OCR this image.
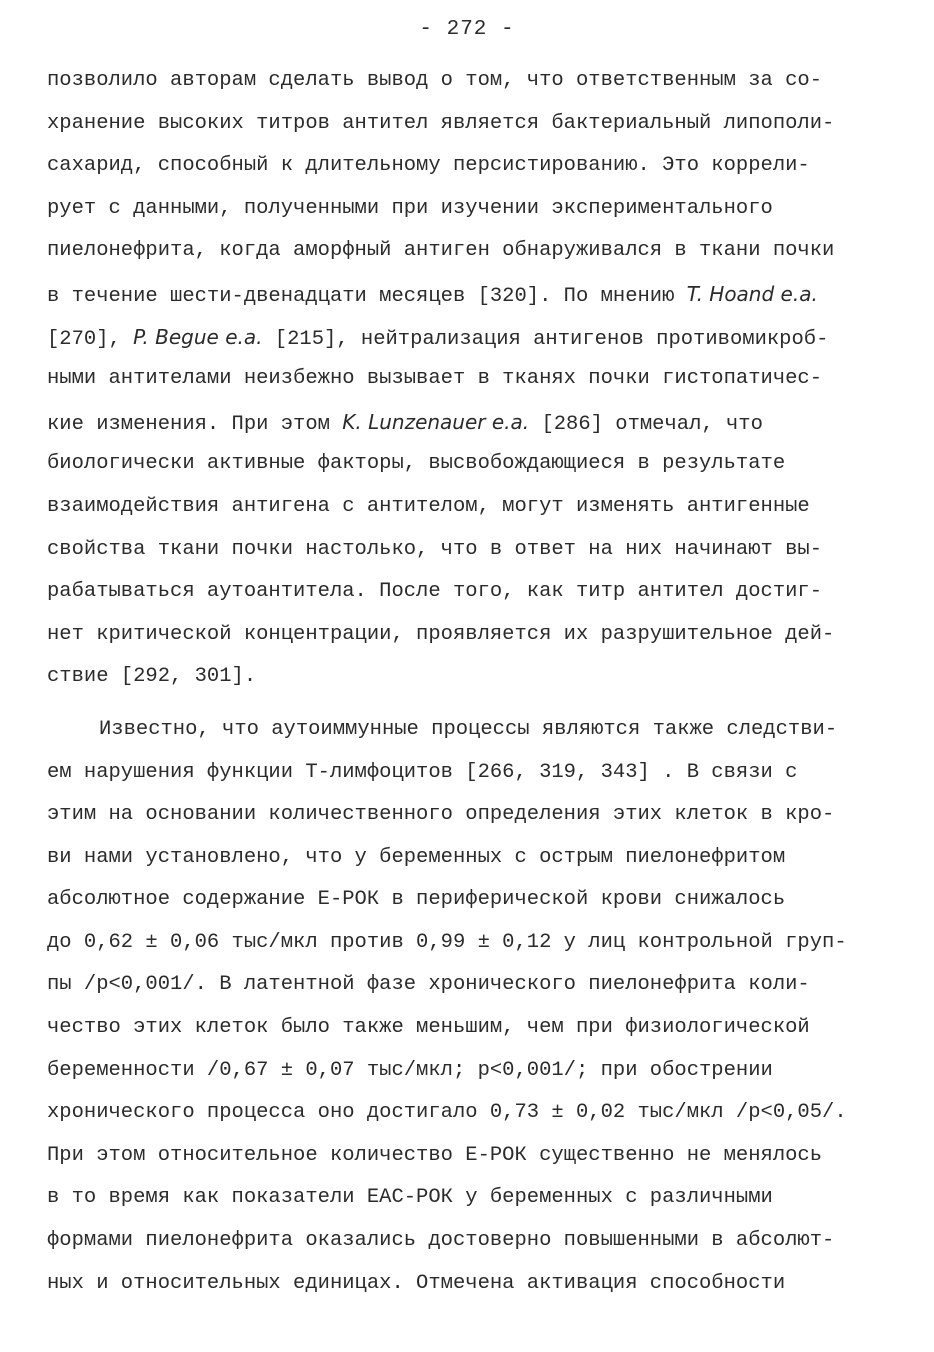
- 272 -
позволило авторам сделать вывод о том, что ответственным за со-
хранение высоких титров антител является бактериальный липополи-
сахарид, способный к длительному персистированию. Это коррели-
рует с данными, полученными при изучении экспериментального
пиелонефрита, когда аморфный антиген обнаруживался в ткани почки
в течение шести-двенадцати месяцев [320]. По мнению T. Hoand e.a.
[270], P. Begue e.a. [215], нейтрализация антигенов противомикроб-
ными антителами неизбежно вызывает в тканях почки гистопатичес-
кие изменения. При этом K. Lunzenauer e.a. [286] отмечал, что
биологически активные факторы, высвобождающиеся в результате
взаимодействия антигена с антителом, могут изменять антигенные
свойства ткани почки настолько, что в ответ на них начинают вы-
рабатываться аутоантитела. После того, как титр антител достиг-
нет критической концентрации, проявляется их разрушительное дей-
ствие [292, 301].
Известно, что аутоиммунные процессы являются также следстви-
ем нарушения функции Т-лимфоцитов [266, 319, 343] . В связи с
этим на основании количественного определения этих клеток в кро-
ви нами установлено, что у беременных с острым пиелонефритом
абсолютное содержание Е-РОК в периферической крови снижалось
до 0,62 ± 0,06 тыс/мкл против 0,99 ± 0,12 у лиц контрольной груп-
пы /p<0,001/. В латентной фазе хронического пиелонефрита коли-
чество этих клеток было также меньшим, чем при физиологической
беременности /0,67 ± 0,07 тыс/мкл; p<0,001/; при обострении
хронического процесса оно достигало 0,73 ± 0,02 тыс/мкл /p<0,05/.
При этом относительное количество Е-РОК существенно не менялось
в то время как показатели ЕАС-РОК у беременных с различными
формами пиелонефрита оказались достоверно повышенными в абсолют-
ных и относительных единицах. Отмечена активация способности
